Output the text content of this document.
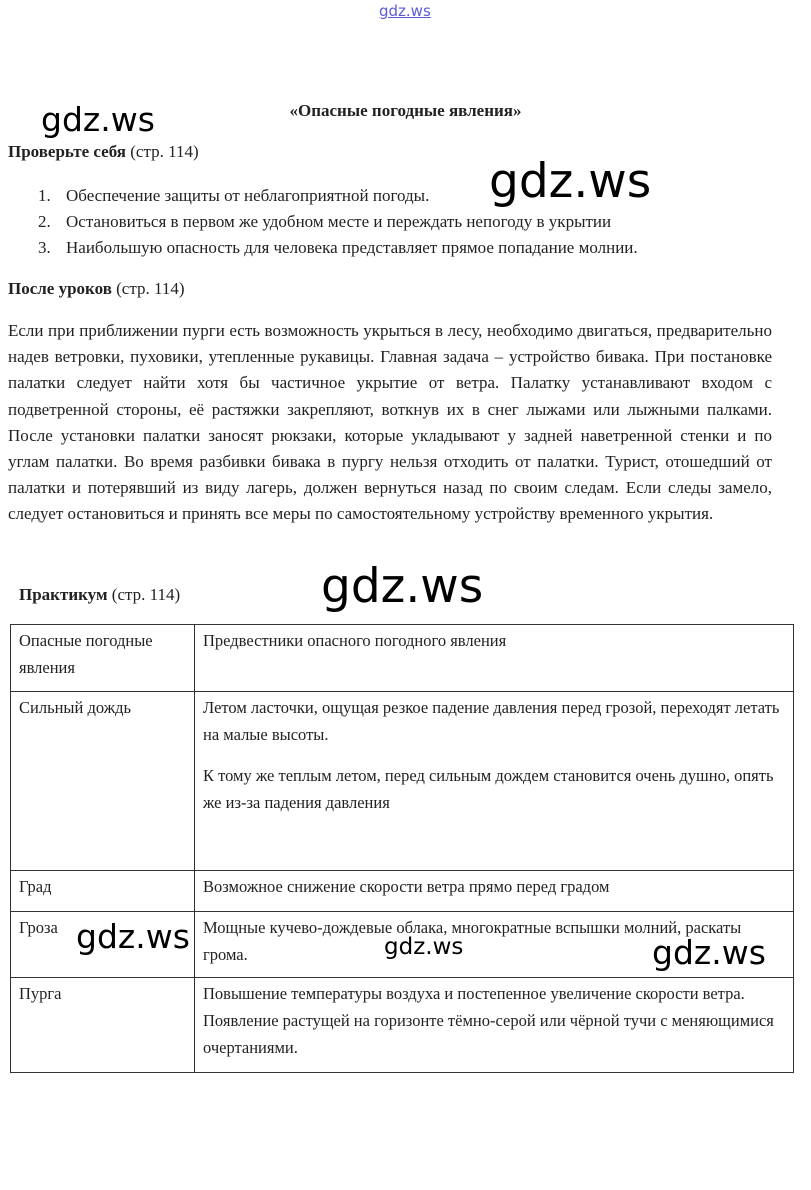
gdz.ws
gdz.ws
gdz.ws
«Опасные погодные явления»
Проверьте себя (стр. 114)
1. Обеспечение защиты от неблагоприятной погоды.
2. Остановиться в первом же удобном месте и переждать непогоду в укрытии
3. Наибольшую опасность для человека представляет прямое попадание молнии.
После уроков (стр. 114)

Если при приближении пурги есть возможность укрыться в лесу, необходимо двигаться, предварительно надев ветровки, пуховики, утепленные рукавицы. Главная задача – устройство бивака. При постановке палатки следует найти хотя бы частичное укрытие от ветра. Палатку устанавливают входом с подветренной стороны, её растяжки закрепляют, воткнув их в снег лыжами или лыжными палками. После установки палатки заносят рюкзаки, которые укладывают у задней наветренной стенки и по углам палатки. Во время разбивки бивака в пургу нельзя отходить от палатки. Турист, отошедший от палатки и потерявший из виду лагерь, должен вернуться назад по своим следам. Если следы замело, следует остановиться и принять все меры по самостоятельному устройству временного укрытия.

Практикум (стр. 114)
Опасные погодные явления	Предвестники опасного погодного явления
Сильный дождь	Летом ласточки, ощущая резкое падение давления перед грозой, переходят летать на малые высоты.

К тому же теплым летом, перед сильным дождем становится очень душно, опять же из-за падения давления

Град	Возможное снижение скорости ветра прямо перед градом

Гроза	Мощные кучево-дождевые облака, многократные вспышки молний, раскаты грома.

Пурга	Повышение температуры воздуха и постепенное увеличение скорости ветра. Появление растущей на горизонте тёмно-серой или чёрной тучи с меняющимися очертаниями.

gdz.ws
gdz.ws	gdz.ws	gdz.ws
